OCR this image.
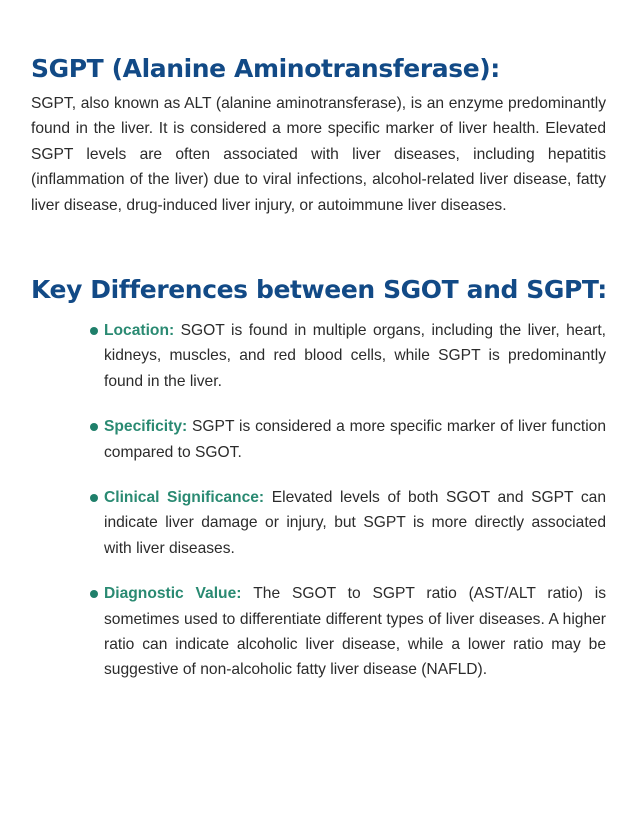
SGPT (Alanine Aminotransferase):

SGPT, also known as ALT (alanine aminotransferase), is an enzyme predominantly found in the liver. It is considered a more specific marker of liver health. Elevated SGPT levels are often associated with liver diseases, including hepatitis (inflammation of the liver) due to viral infections, alcohol-related liver disease, fatty liver disease, drug-induced liver injury, or autoimmune liver diseases.

Key Differences between SGOT and SGPT:
Location: SGOT is found in multiple organs, including the liver, heart, kidneys, muscles, and red blood cells, while SGPT is predominantly found in the liver.
Specificity: SGPT is considered a more specific marker of liver function compared to SGOT.
Clinical Significance: Elevated levels of both SGOT and SGPT can indicate liver damage or injury, but SGPT is more directly associated with liver diseases.
Diagnostic Value: The SGOT to SGPT ratio (AST/ALT ratio) is sometimes used to differentiate different types of liver diseases. A higher ratio can indicate alcoholic liver disease, while a lower ratio may be suggestive of non-alcoholic fatty liver disease (NAFLD).
